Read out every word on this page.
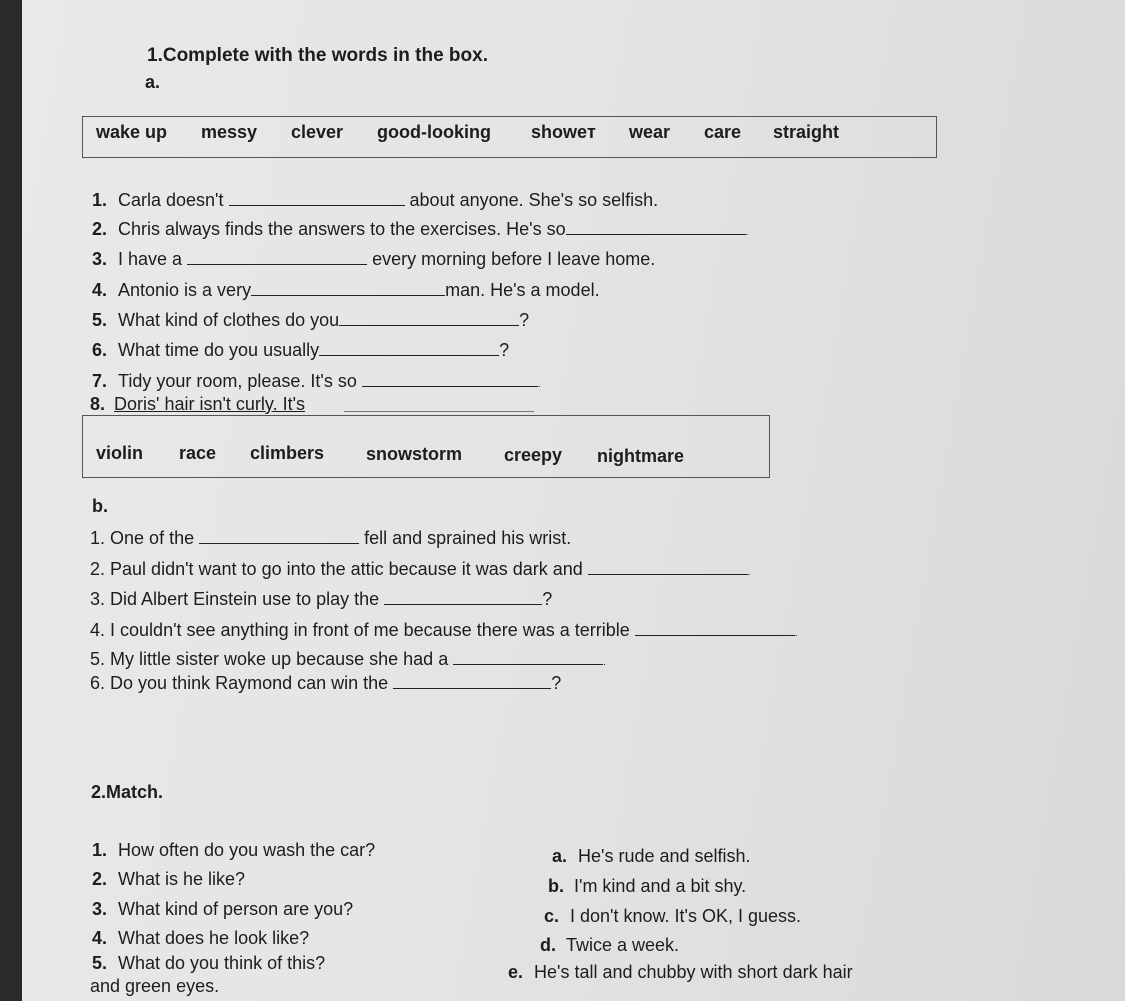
1.Complete with the words in the box.
a.
wake up messy clever good-looking showeт wear care straight
1. Carla doesn't	about anyone. She's so selfish.
2. Chris always finds the answers to the exercises. He's so	.
3. I have a	every morning before I leave home.
4. Antonio is a very	man. He's a model.
5. What kind of clothes do you	?
6. What time do you usually	?
7. Tidy your room, please. It's so	.
8. Doris' hair isn't curly. It's
violin race climbers snowstorm creepy nightmare
b.
1. One of the	fell and sprained his wrist.
2. Paul didn't want to go into the attic because it was dark and	.
3. Did Albert Einstein use to play the	?
4. I couldn't see anything in front of me because there was a terrible	.
5. My little sister woke up because she had a	.
6. Do you think Raymond can win the	?
2.Match.
1. How often do you wash the car?
2. What is he like?
3. What kind of person are you?
4. What does he look like?
5. What do you think of this?
a. He's rude and selfish.
b. I'm kind and a bit shy.
c. I don't know. It's OK, I guess.
d. Twice a week.
e. He's tall and chubby with short dark hair
and green eyes.
